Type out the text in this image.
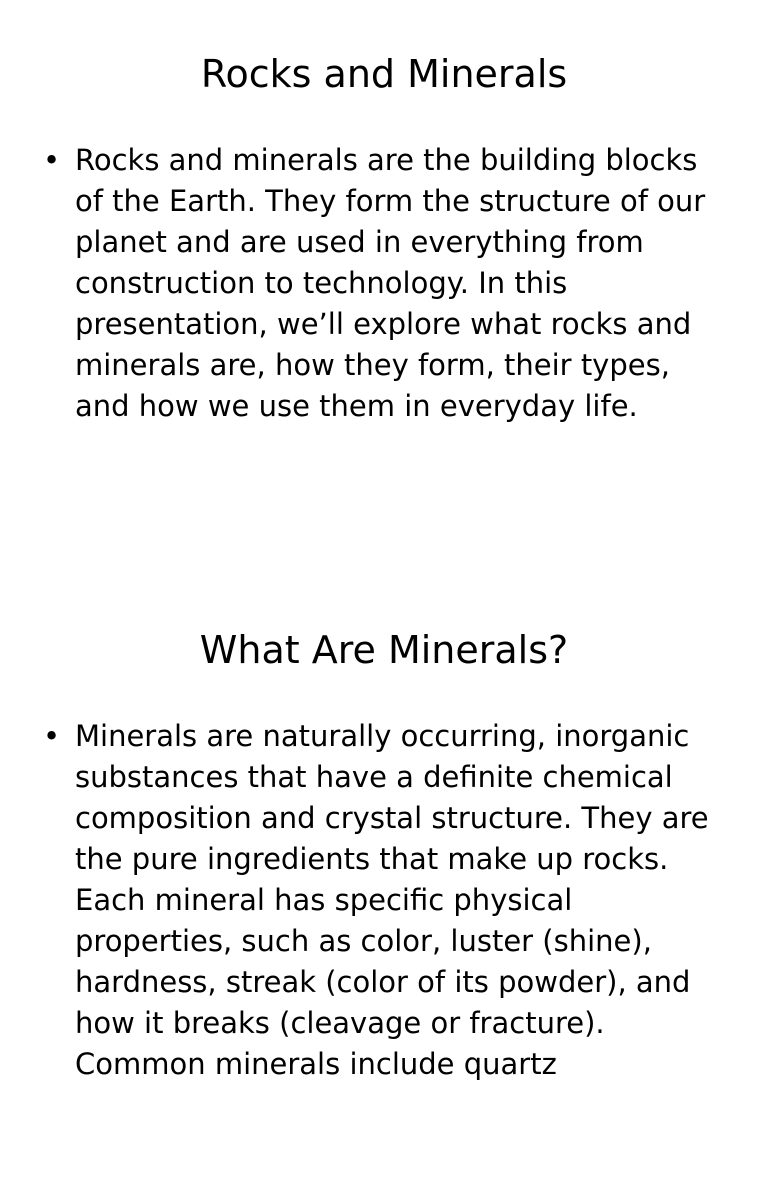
Rocks and Minerals
• Rocks and minerals are the building blocks of the Earth. They form the structure of our planet and are used in everything from construction to technology. In this presentation, we’ll explore what rocks and minerals are, how they form, their types, and how we use them in everyday life.
What Are Minerals?
• Minerals are naturally occurring, inorganic substances that have a definite chemical composition and crystal structure. They are the pure ingredients that make up rocks. Each mineral has specific physical properties, such as color, luster (shine), hardness, streak (color of its powder), and how it breaks (cleavage or fracture). Common minerals include quartz
